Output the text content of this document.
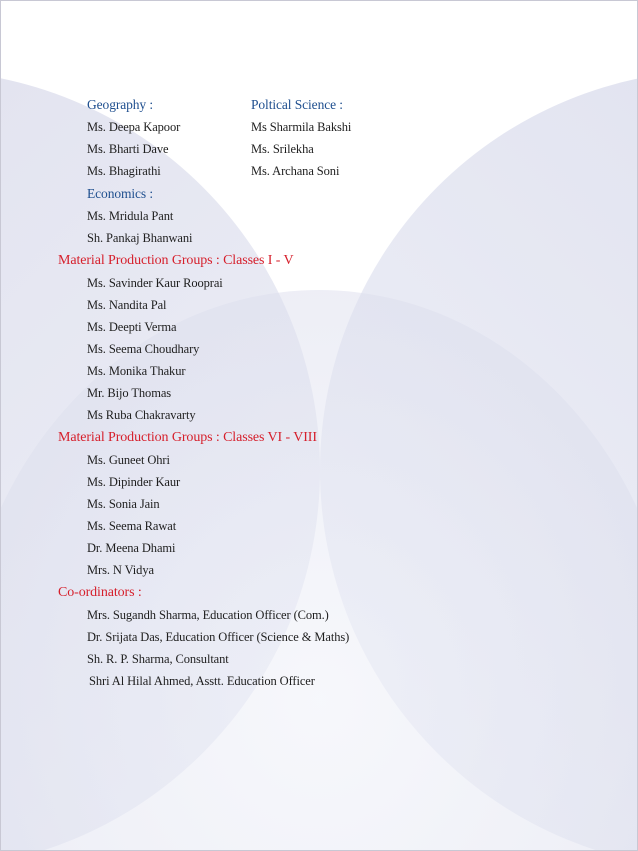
Geography :
Ms. Deepa Kapoor
Ms. Bharti Dave
Ms. Bhagirathi
Poltical Science :
Ms Sharmila Bakshi
Ms. Srilekha
Ms. Archana Soni
Economics :
Ms. Mridula Pant
Sh. Pankaj Bhanwani
Material Production Groups : Classes I - V
Ms. Savinder Kaur Rooprai
Ms. Nandita Pal
Ms. Deepti Verma
Ms. Seema Choudhary
Ms. Monika Thakur
Mr. Bijo Thomas
Ms Ruba Chakravarty
Material Production Groups : Classes VI - VIII
Ms. Guneet Ohri
Ms. Dipinder Kaur
Ms. Sonia Jain
Ms. Seema Rawat
Dr. Meena Dhami
Mrs. N Vidya
Co-ordinators :
Mrs. Sugandh Sharma, Education Officer (Com.)
Dr. Srijata Das, Education Officer (Science & Maths)
Sh. R. P. Sharma, Consultant
Shri Al Hilal Ahmed, Asstt. Education Officer
